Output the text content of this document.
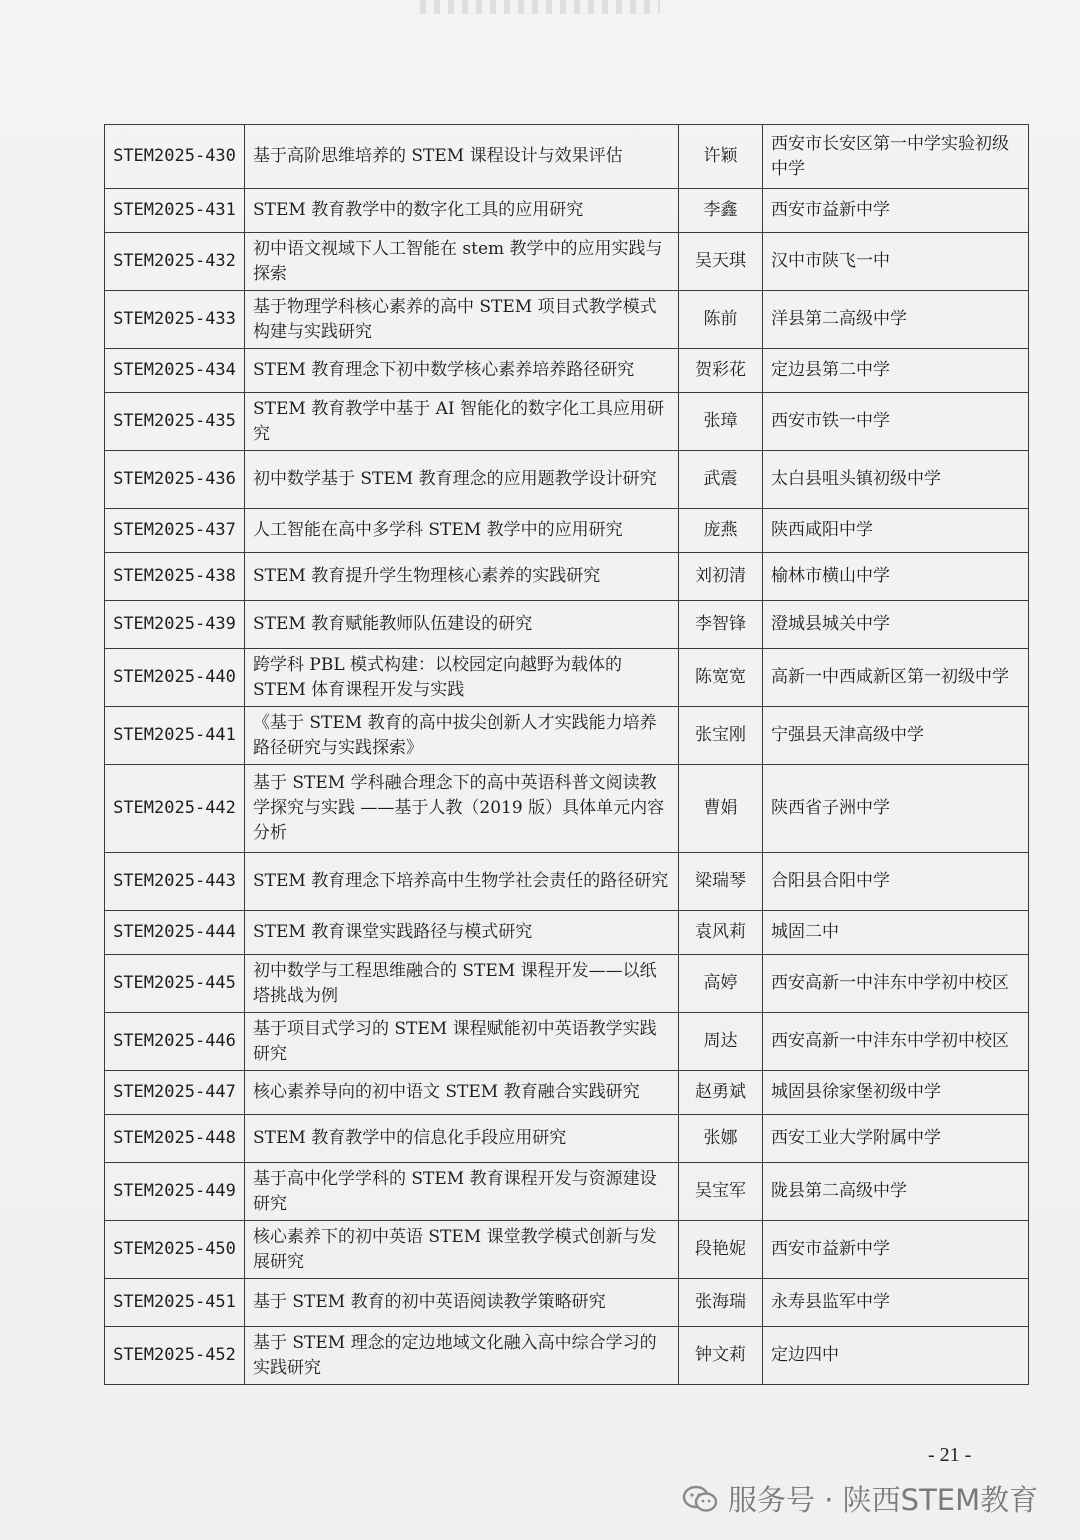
STEM2025-430	基于高阶思维培养的 STEM 课程设计与效果评估	许颖	西安市长安区第一中学实验初级中学
STEM2025-431	STEM 教育教学中的数字化工具的应用研究	李鑫	西安市益新中学
STEM2025-432	初中语文视域下人工智能在 stem 教学中的应用实践与探索	吴天琪	汉中市陕飞一中
STEM2025-433	基于物理学科核心素养的高中 STEM 项目式教学模式构建与实践研究	陈前	洋县第二高级中学
STEM2025-434	STEM 教育理念下初中数学核心素养培养路径研究	贺彩花	定边县第二中学
STEM2025-435	STEM 教育教学中基于 AI 智能化的数字化工具应用研究	张璋	西安市铁一中学
STEM2025-436	初中数学基于 STEM 教育理念的应用题教学设计研究	武震	太白县咀头镇初级中学
STEM2025-437	人工智能在高中多学科 STEM 教学中的应用研究	庞燕	陕西咸阳中学
STEM2025-438	STEM 教育提升学生物理核心素养的实践研究	刘初清	榆林市横山中学
STEM2025-439	STEM 教育赋能教师队伍建设的研究	李智锋	澄城县城关中学
STEM2025-440	跨学科 PBL 模式构建：以校园定向越野为载体的 STEM 体育课程开发与实践	陈宽宽	高新一中西咸新区第一初级中学
STEM2025-441	《基于 STEM 教育的高中拔尖创新人才实践能力培养路径研究与实践探索》	张宝刚	宁强县天津高级中学
STEM2025-442	基于 STEM 学科融合理念下的高中英语科普文阅读教学探究与实践 ——基于人教（2019 版）具体单元内容分析	曹娟	陕西省子洲中学
STEM2025-443	STEM 教育理念下培养高中生物学社会责任的路径研究	梁瑞琴	合阳县合阳中学
STEM2025-444	STEM 教育课堂实践路径与模式研究	袁风莉	城固二中
STEM2025-445	初中数学与工程思维融合的 STEM 课程开发——以纸塔挑战为例	高婷	西安高新一中沣东中学初中校区
STEM2025-446	基于项目式学习的 STEM 课程赋能初中英语教学实践研究	周达	西安高新一中沣东中学初中校区
STEM2025-447	核心素养导向的初中语文 STEM 教育融合实践研究	赵勇斌	城固县徐家堡初级中学
STEM2025-448	STEM 教育教学中的信息化手段应用研究	张娜	西安工业大学附属中学
STEM2025-449	基于高中化学学科的 STEM 教育课程开发与资源建设研究	吴宝军	陇县第二高级中学
STEM2025-450	核心素养下的初中英语 STEM 课堂教学模式创新与发展研究	段艳妮	西安市益新中学
STEM2025-451	基于 STEM 教育的初中英语阅读教学策略研究	张海瑞	永寿县监军中学
STEM2025-452	基于 STEM 理念的定边地域文化融入高中综合学习的实践研究	钟文莉	定边四中
- 21 -
服务号 · 陕西STEM教育
